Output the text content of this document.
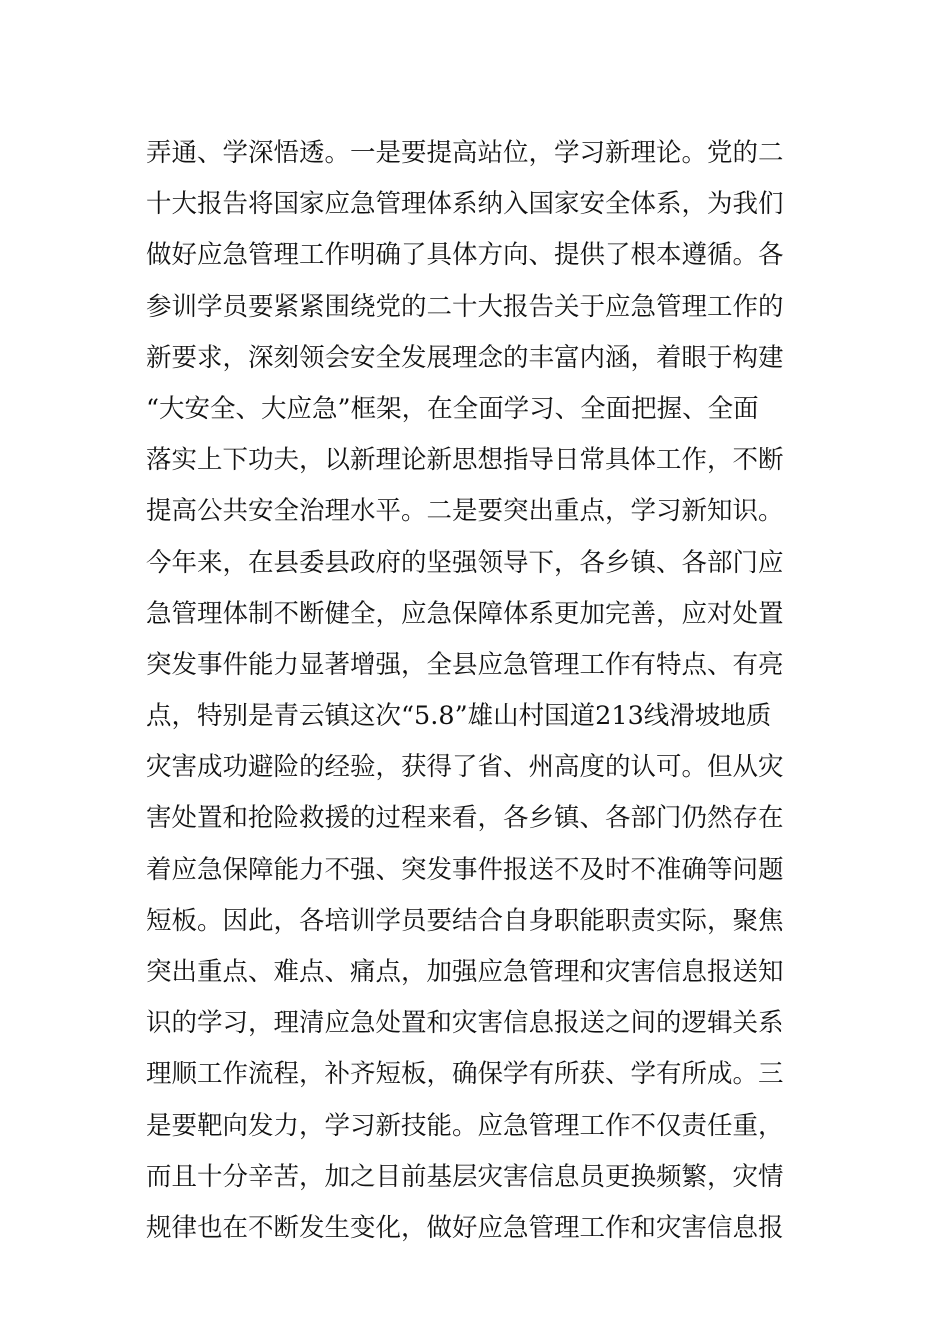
弄通、学深悟透。一是要提高站位，学习新理论。党的二
十大报告将国家应急管理体系纳入国家安全体系，为我们
做好应急管理工作明确了具体方向、提供了根本遵循。各
参训学员要紧紧围绕党的二十大报告关于应急管理工作的
新要求，深刻领会安全发展理念的丰富内涵，着眼于构建
“大安全、大应急”框架，在全面学习、全面把握、全面
落实上下功夫，以新理论新思想指导日常具体工作，不断
提高公共安全治理水平。二是要突出重点，学习新知识。
今年来，在县委县政府的坚强领导下，各乡镇、各部门应
急管理体制不断健全，应急保障体系更加完善，应对处置
突发事件能力显著增强，全县应急管理工作有特点、有亮
点，特别是青云镇这次“5.8”雄山村国道213线滑坡地质
灾害成功避险的经验，获得了省、州高度的认可。但从灾
害处置和抢险救援的过程来看，各乡镇、各部门仍然存在
着应急保障能力不强、突发事件报送不及时不准确等问题
短板。因此，各培训学员要结合自身职能职责实际，聚焦
突出重点、难点、痛点，加强应急管理和灾害信息报送知
识的学习，理清应急处置和灾害信息报送之间的逻辑关系
理顺工作流程，补齐短板，确保学有所获、学有所成。三
是要靶向发力，学习新技能。应急管理工作不仅责任重，
而且十分辛苦，加之目前基层灾害信息员更换频繁，灾情
规律也在不断发生变化，做好应急管理工作和灾害信息报
